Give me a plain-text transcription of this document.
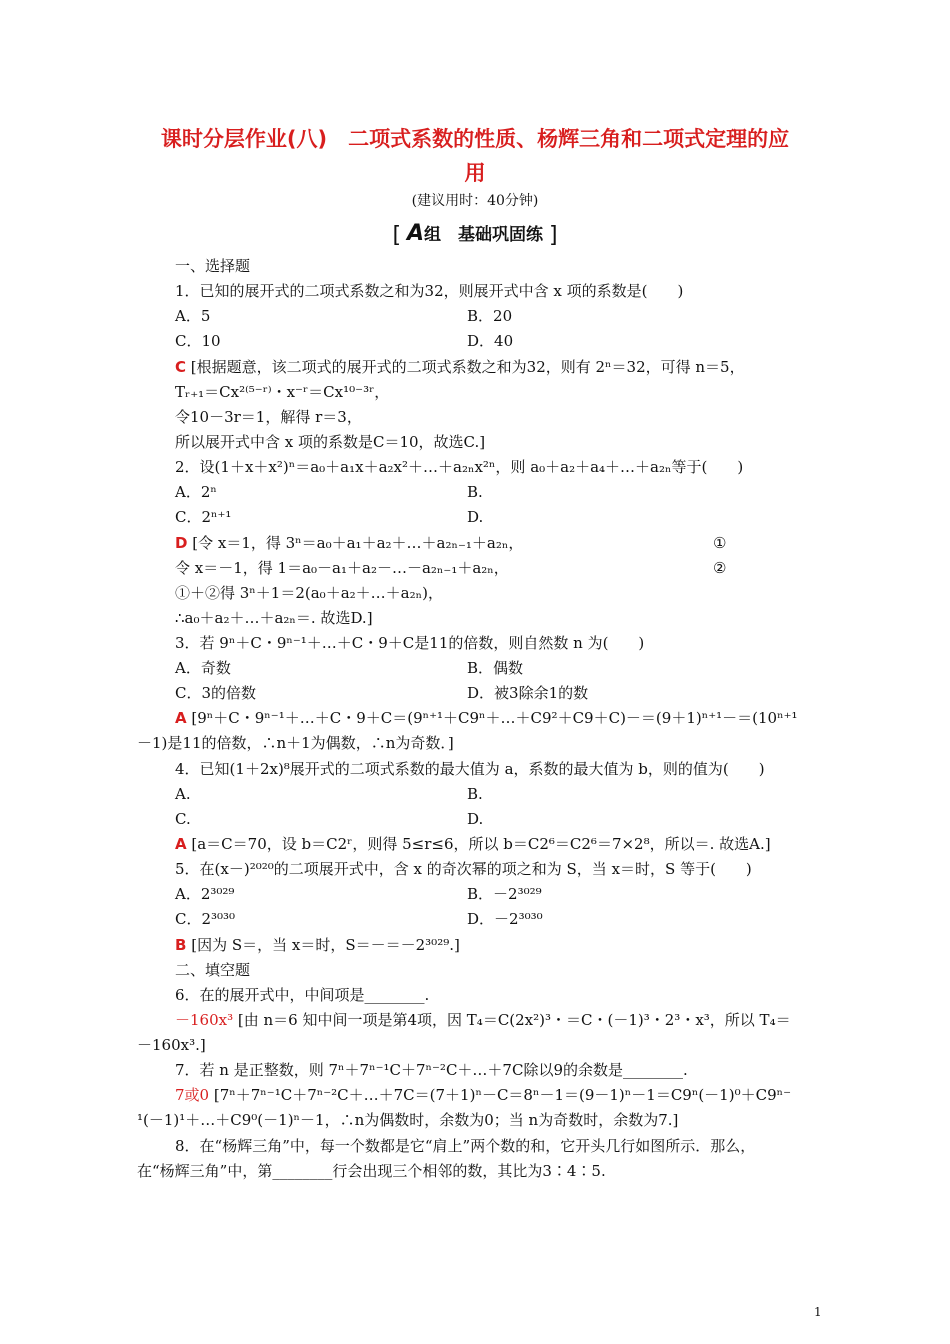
课时分层作业(八)　二项式系数的性质、杨辉三角和二项式定理的应
用
(建议用时：40分钟)
[ A组　基础巩固练 ]
一、选择题
1．已知的展开式的二项式系数之和为32，则展开式中含 x 项的系数是(　　)
A．5	B．20
C．10	D．40
C [根据题意，该二项式的展开式的二项式系数之和为32，则有 2ⁿ＝32，可得 n＝5，
Tᵣ₊₁＝Cx²⁽⁵⁻ʳ⁾・x⁻ʳ＝Cx¹⁰⁻³ʳ，
令10－3r＝1，解得 r＝3，
所以展开式中含 x 项的系数是C＝10，故选C.]
2．设(1＋x＋x²)ⁿ＝a₀＋a₁x＋a₂x²＋…＋a₂ₙx²ⁿ，则 a₀＋a₂＋a₄＋…＋a₂ₙ等于(　　)
A．2ⁿ	B.
C．2ⁿ⁺¹	D.
D [令 x＝1，得 3ⁿ＝a₀＋a₁＋a₂＋…＋a₂ₙ₋₁＋a₂ₙ，	①
令 x＝－1，得 1＝a₀－a₁＋a₂－…－a₂ₙ₋₁＋a₂ₙ，	②
①＋②得 3ⁿ＋1＝2(a₀＋a₂＋…＋a₂ₙ)，
∴a₀＋a₂＋…＋a₂ₙ＝. 故选D.]
3．若 9ⁿ＋C・9ⁿ⁻¹＋…＋C・9＋C是11的倍数，则自然数 n 为(　　)
A．奇数	B．偶数
C．3的倍数	D．被3除余1的数
A [9ⁿ＋C・9ⁿ⁻¹＋…＋C・9＋C＝(9ⁿ⁺¹＋C9ⁿ＋…＋C9²＋C9＋C)－＝(9＋1)ⁿ⁺¹－＝(10ⁿ⁺¹
－1)是11的倍数，∴n＋1为偶数，∴n为奇数．]
4．已知(1＋2x)⁸展开式的二项式系数的最大值为 a，系数的最大值为 b，则的值为(　　)
A.	B.
C.	D.
A [a＝C＝70，设 b＝C2ʳ，则得 5≤r≤6，所以 b＝C2⁶＝C2⁶＝7×2⁸，所以＝. 故选A.]
5．在(x－)²⁰²⁰的二项展开式中，含 x 的奇次幂的项之和为 S，当 x＝时，S 等于(　　)
A．2³⁰²⁹	B．－2³⁰²⁹
C．2³⁰³⁰	D．－2³⁰³⁰
B [因为 S＝，当 x＝时，S＝－＝－2³⁰²⁹.]
二、填空题
6．在的展开式中，中间项是________.
－160x³ [由 n＝6 知中间一项是第4项，因 T₄＝C(2x²)³・＝C・(－1)³・2³・x³，所以 T₄＝
－160x³.]
7．若 n 是正整数，则 7ⁿ＋7ⁿ⁻¹C＋7ⁿ⁻²C＋…＋7C除以9的余数是________.
7或0 [7ⁿ＋7ⁿ⁻¹C＋7ⁿ⁻²C＋…＋7C＝(7＋1)ⁿ－C＝8ⁿ－1＝(9－1)ⁿ－1＝C9ⁿ(－1)⁰＋C9ⁿ⁻
¹(－1)¹＋…＋C9⁰(－1)ⁿ－1，∴n为偶数时，余数为0；当 n为奇数时，余数为7.]
8．在“杨辉三角”中，每一个数都是它“肩上”两个数的和，它开头几行如图所示．那么，
在“杨辉三角”中，第________行会出现三个相邻的数，其比为3∶4∶5.
1
